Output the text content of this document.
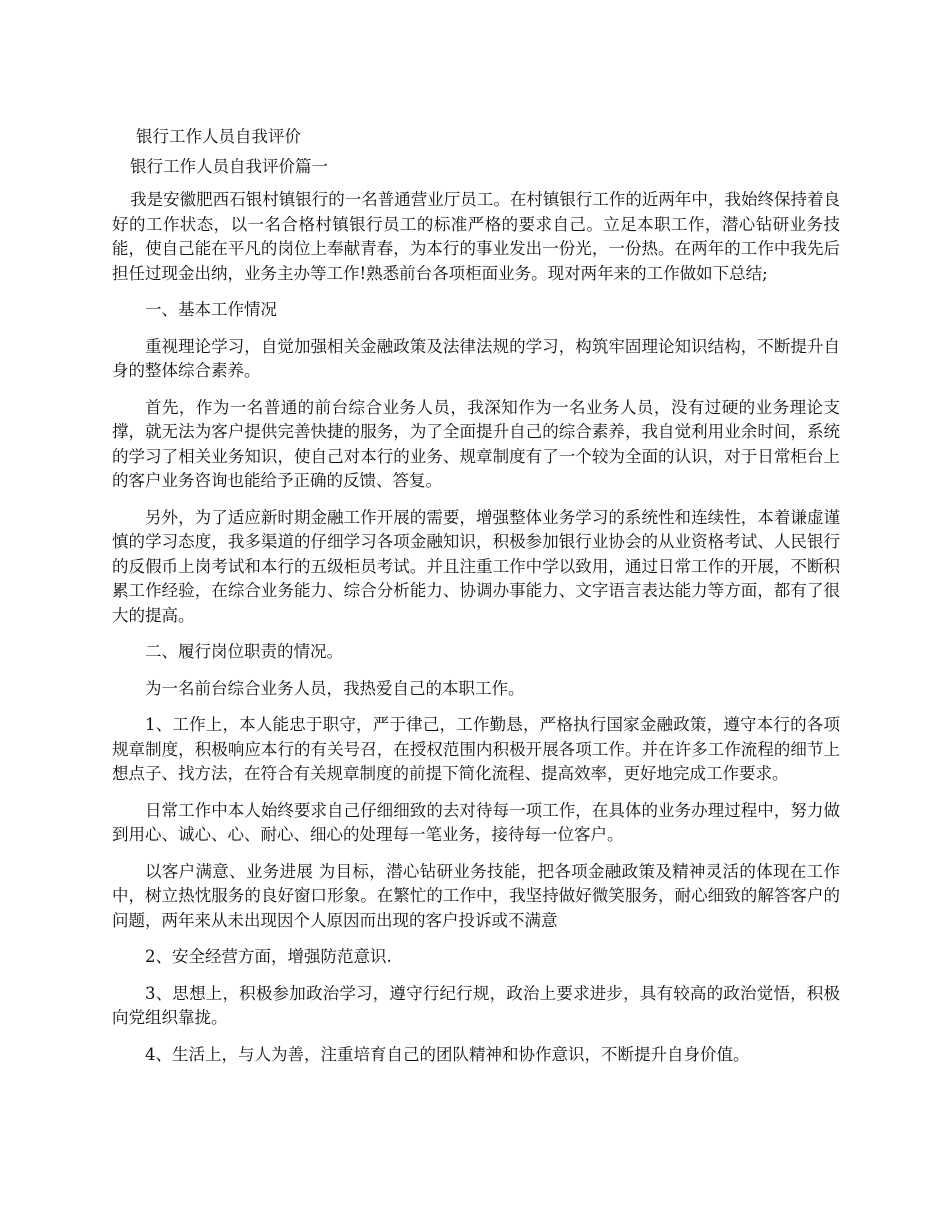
银行工作人员自我评价
银行工作人员自我评价篇一

我是安徽肥西石银村镇银行的一名普通营业厅员工。在村镇银行工作的近两年中，我始终保持着良好的工作状态，以一名合格村镇银行员工的标准严格的要求自己。立足本职工作，潜心钻研业务技能，使自己能在平凡的岗位上奉献青春，为本行的事业发出一份光，一份热。在两年的工作中我先后担任过现金出纳，业务主办等工作!熟悉前台各项柜面业务。现对两年来的工作做如下总结;

一、基本工作情况

重视理论学习，自觉加强相关金融政策及法律法规的学习，构筑牢固理论知识结构，不断提升自身的整体综合素养。

首先，作为一名普通的前台综合业务人员，我深知作为一名业务人员，没有过硬的业务理论支撑，就无法为客户提供完善快捷的服务，为了全面提升自己的综合素养，我自觉利用业余时间，系统的学习了相关业务知识，使自己对本行的业务、规章制度有了一个较为全面的认识，对于日常柜台上的客户业务咨询也能给予正确的反馈、答复。

另外，为了适应新时期金融工作开展的需要，增强整体业务学习的系统性和连续性，本着谦虚谨慎的学习态度，我多渠道的仔细学习各项金融知识，积极参加银行业协会的从业资格考试、人民银行的反假币上岗考试和本行的五级柜员考试。并且注重工作中学以致用，通过日常工作的开展，不断积累工作经验，在综合业务能力、综合分析能力、协调办事能力、文字语言表达能力等方面，都有了很大的提高。

二、履行岗位职责的情况。

为一名前台综合业务人员，我热爱自己的本职工作。

1、工作上，本人能忠于职守，严于律己，工作勤恳，严格执行国家金融政策，遵守本行的各项规章制度，积极响应本行的有关号召，在授权范围内积极开展各项工作。并在许多工作流程的细节上想点子、找方法，在符合有关规章制度的前提下简化流程、提高效率，更好地完成工作要求。

日常工作中本人始终要求自己仔细细致的去对待每一项工作，在具体的业务办理过程中，努力做到用心、诚心、心、耐心、细心的处理每一笔业务，接待每一位客户。

以客户满意、业务进展 为目标，潜心钻研业务技能，把各项金融政策及精神灵活的体现在工作中，树立热忱服务的良好窗口形象。在繁忙的工作中，我坚持做好微笑服务，耐心细致的解答客户的问题，两年来从未出现因个人原因而出现的客户投诉或不满意

2、安全经营方面，增强防范意识.

3、思想上，积极参加政治学习，遵守行纪行规，政治上要求进步，具有较高的政治觉悟，积极向党组织靠拢。

4、生活上，与人为善，注重培育自己的团队精神和协作意识，不断提升自身价值。
